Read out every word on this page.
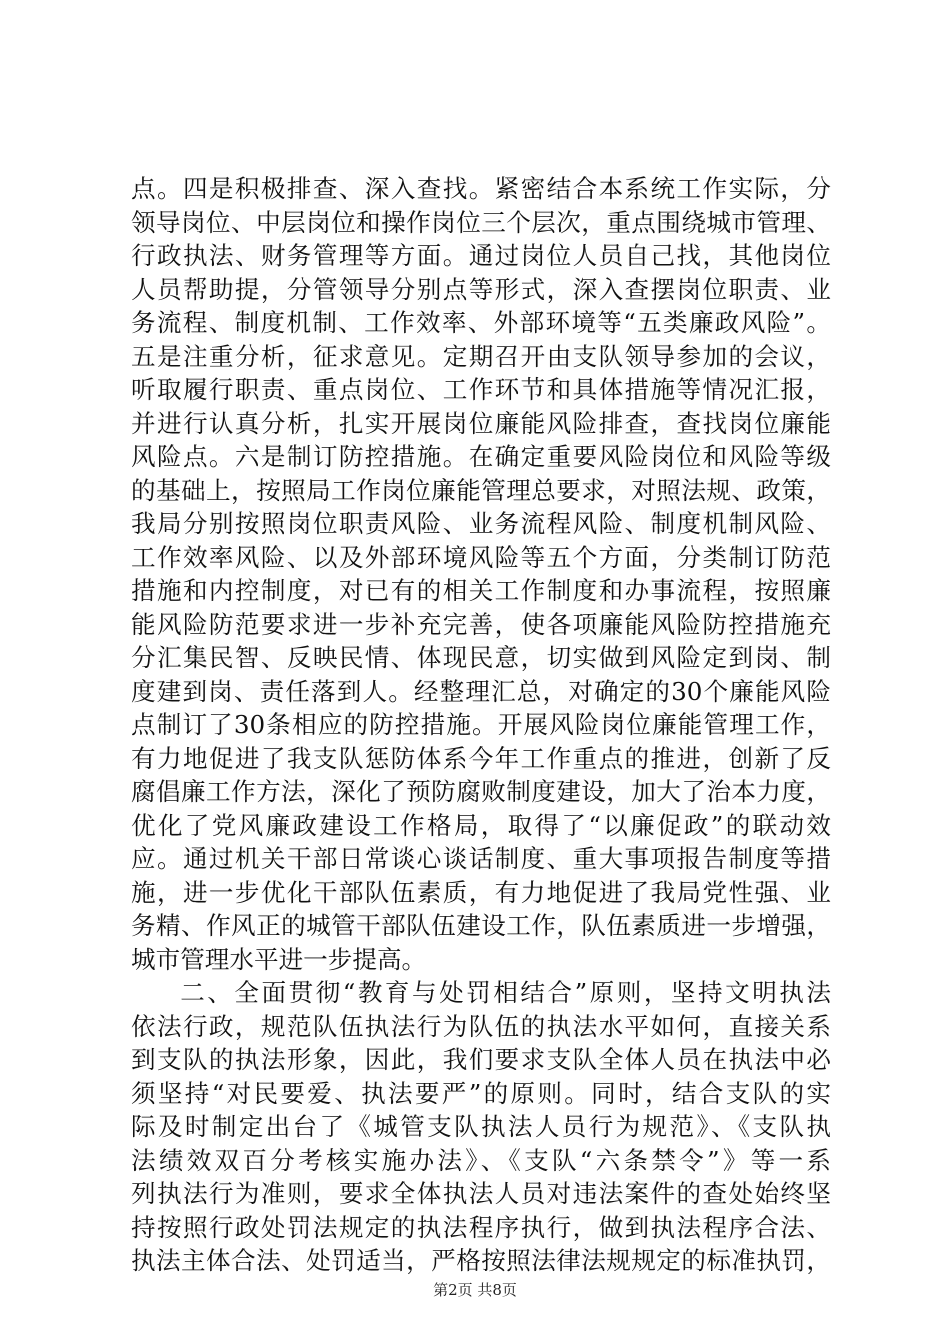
点。四是积极排查、深入查找。紧密结合本系统工作实际，分
领导岗位、中层岗位和操作岗位三个层次，重点围绕城市管理、
行政执法、财务管理等方面。通过岗位人员自己找，其他岗位
人员帮助提，分管领导分别点等形式，深入查摆岗位职责、业
务流程、制度机制、工作效率、外部环境等“五类廉政风险”。
五是注重分析，征求意见。定期召开由支队领导参加的会议，
听取履行职责、重点岗位、工作环节和具体措施等情况汇报，
并进行认真分析，扎实开展岗位廉能风险排查，查找岗位廉能
风险点。六是制订防控措施。在确定重要风险岗位和风险等级
的基础上，按照局工作岗位廉能管理总要求，对照法规、政策，
我局分别按照岗位职责风险、业务流程风险、制度机制风险、
工作效率风险、以及外部环境风险等五个方面，分类制订防范
措施和内控制度，对已有的相关工作制度和办事流程，按照廉
能风险防范要求进一步补充完善，使各项廉能风险防控措施充
分汇集民智、反映民情、体现民意，切实做到风险定到岗、制
度建到岗、责任落到人。经整理汇总，对确定的30个廉能风险
点制订了30条相应的防控措施。开展风险岗位廉能管理工作，
有力地促进了我支队惩防体系今年工作重点的推进，创新了反
腐倡廉工作方法，深化了预防腐败制度建设，加大了治本力度，
优化了党风廉政建设工作格局，取得了“以廉促政”的联动效
应。通过机关干部日常谈心谈话制度、重大事项报告制度等措
施，进一步优化干部队伍素质，有力地促进了我局党性强、业
务精、作风正的城管干部队伍建设工作，队伍素质进一步增强，
城市管理水平进一步提高。
二、全面贯彻“教育与处罚相结合”原则，坚持文明执法
依法行政，规范队伍执法行为队伍的执法水平如何，直接关系
到支队的执法形象，因此，我们要求支队全体人员在执法中必
须坚持“对民要爱、执法要严”的原则。同时，结合支队的实
际及时制定出台了《城管支队执法人员行为规范》、《支队执
法绩效双百分考核实施办法》、《支队“六条禁令”》等一系
列执法行为准则，要求全体执法人员对违法案件的查处始终坚
持按照行政处罚法规定的执法程序执行，做到执法程序合法、
执法主体合法、处罚适当，严格按照法律法规规定的标准执罚，
第2页 共8页
